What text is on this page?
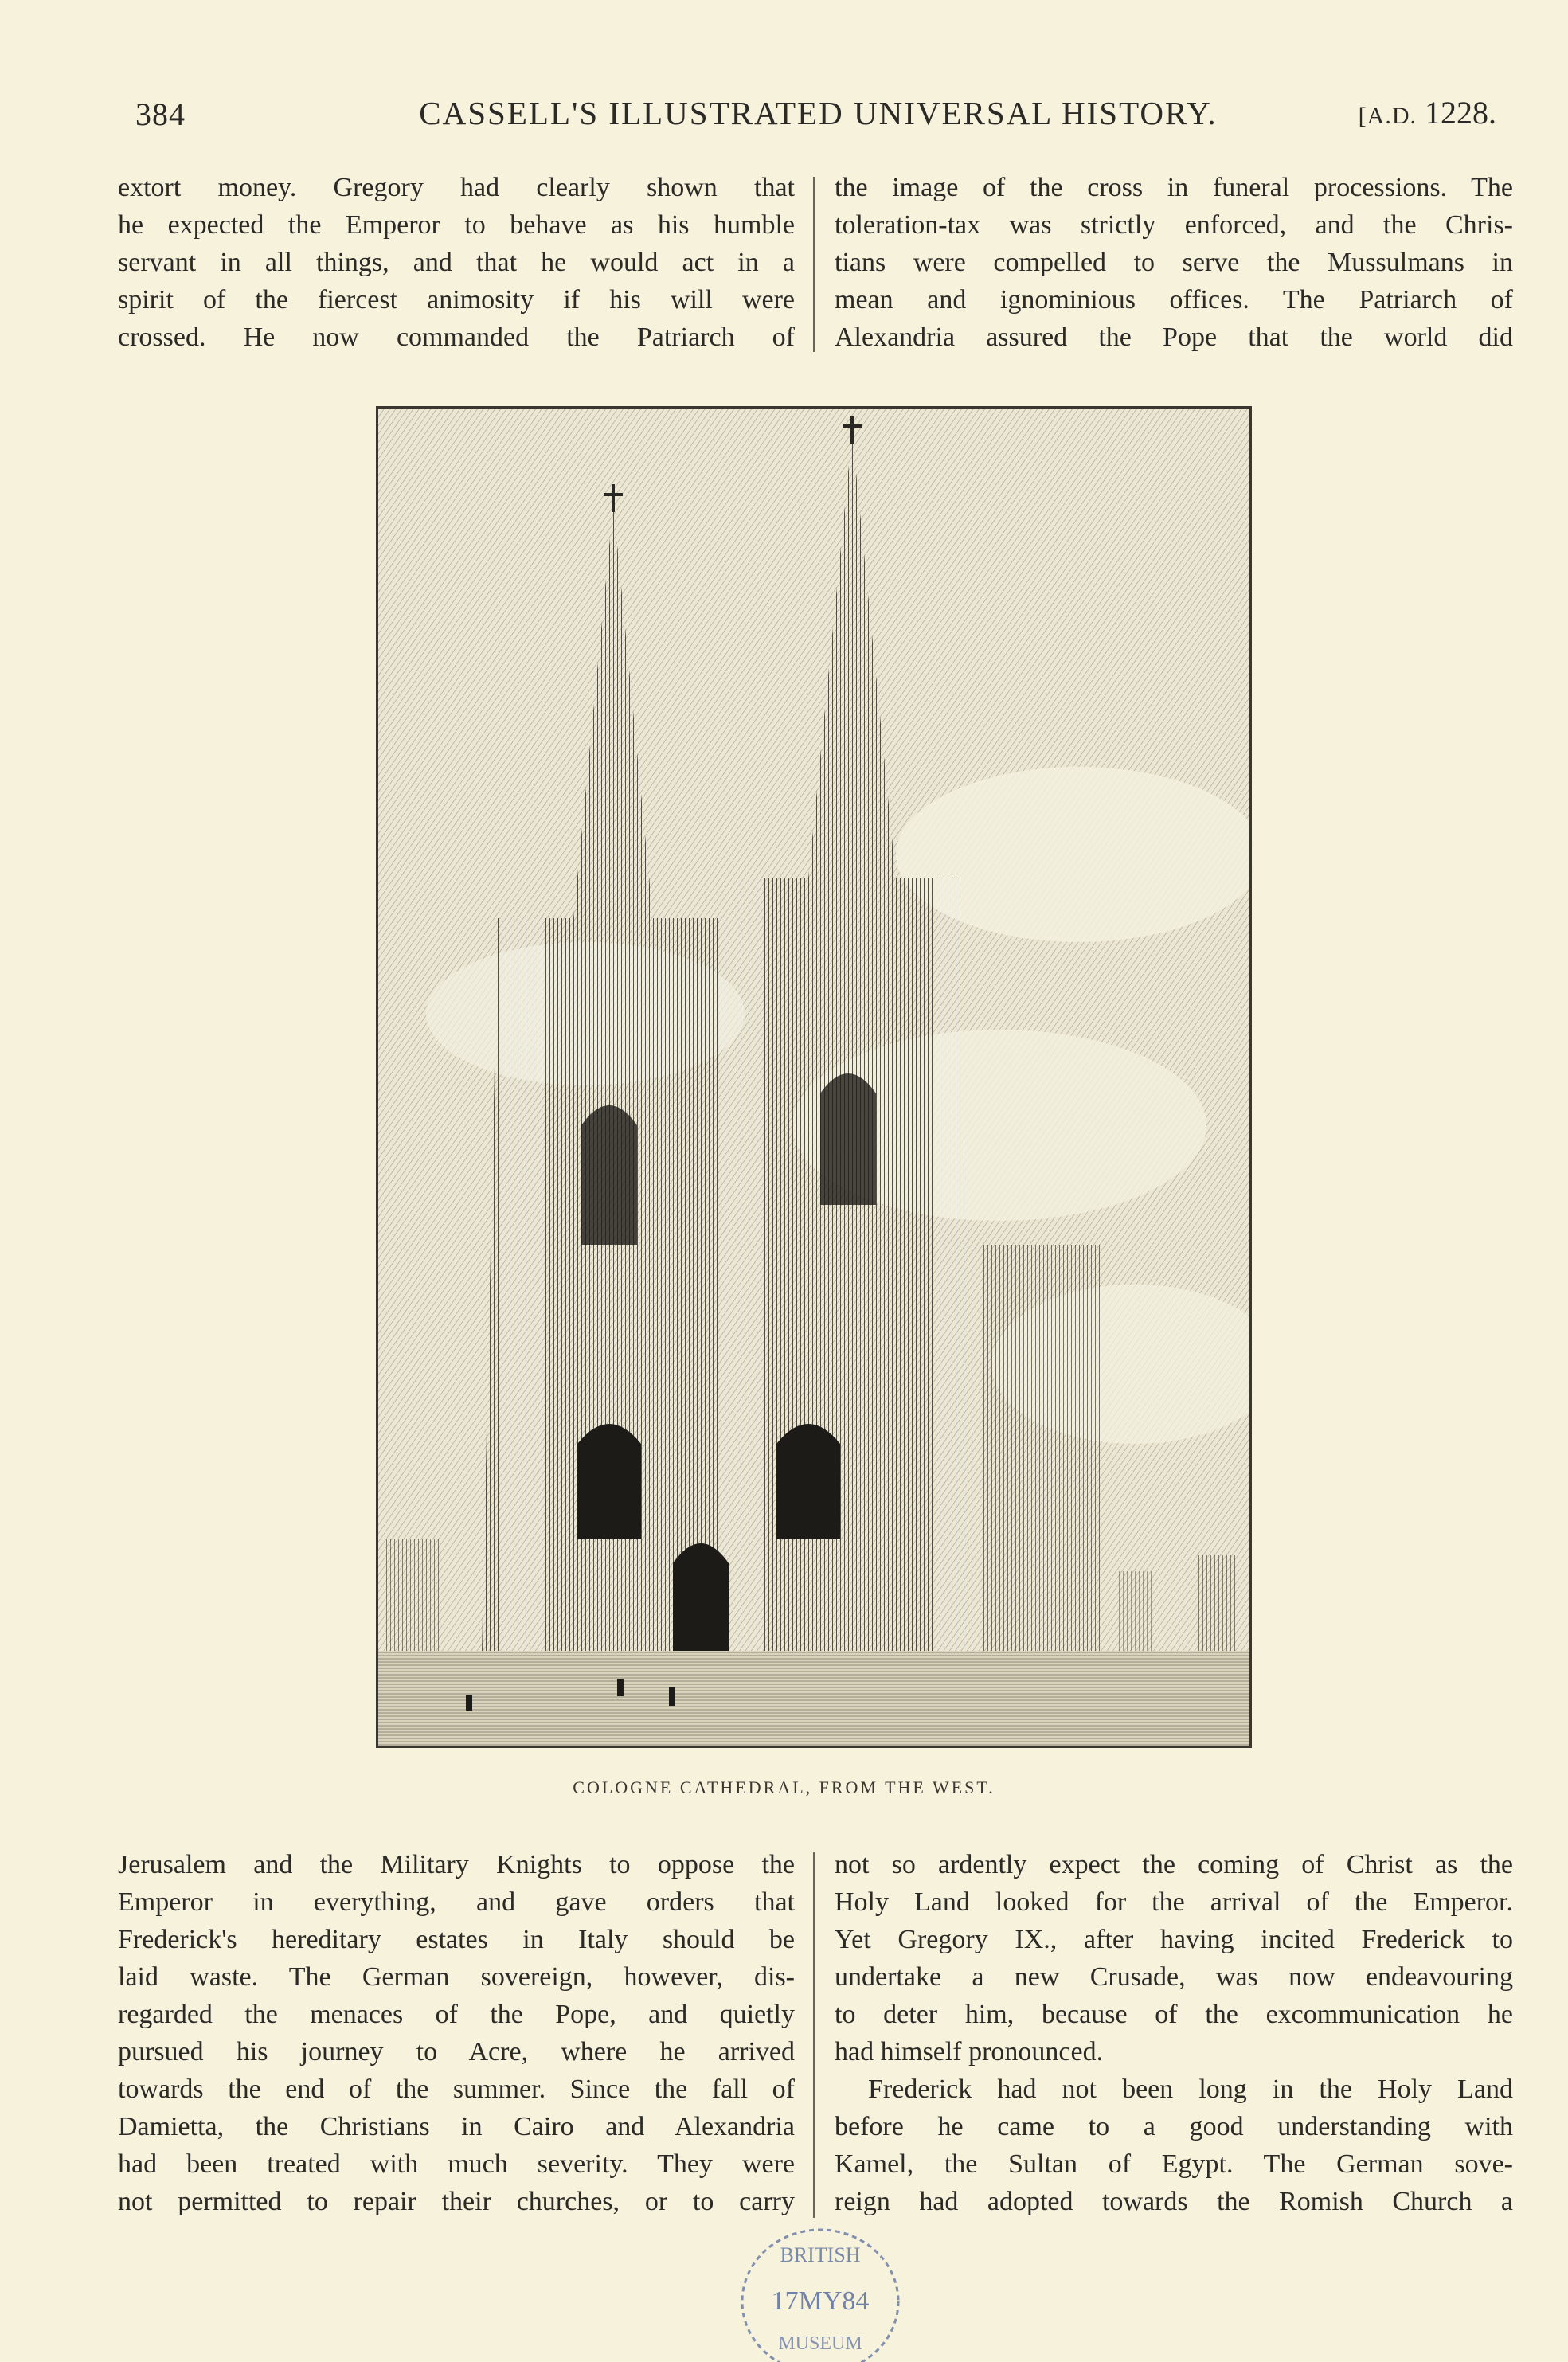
384	CASSELL'S ILLUSTRATED UNIVERSAL HISTORY.	[A.D. 1228.
extort money. Gregory had clearly shown that
he expected the Emperor to behave as his humble
servant in all things, and that he would act in a
spirit of the fiercest animosity if his will were
crossed. He now commanded the Patriarch of
the image of the cross in funeral processions. The
toleration-tax was strictly enforced, and the Chris-
tians were compelled to serve the Mussulmans in
mean and ignominious offices. The Patriarch of
Alexandria assured the Pope that the world did
COLOGNE CATHEDRAL, FROM THE WEST.
Jerusalem and the Military Knights to oppose the
Emperor in everything, and gave orders that
Frederick's hereditary estates in Italy should be
laid waste. The German sovereign, however, dis-
regarded the menaces of the Pope, and quietly
pursued his journey to Acre, where he arrived
towards the end of the summer. Since the fall of
Damietta, the Christians in Cairo and Alexandria
had been treated with much severity. They were
not permitted to repair their churches, or to carry
not so ardently expect the coming of Christ as the
Holy Land looked for the arrival of the Emperor.
Yet Gregory IX., after having incited Frederick to
undertake a new Crusade, was now endeavouring
to deter him, because of the excommunication he
had himself pronounced.
Frederick had not been long in the Holy Land
before he came to a good understanding with
Kamel, the Sultan of Egypt. The German sove-
reign had adopted towards the Romish Church a
BRITISH
17MY84
MUSEUM
